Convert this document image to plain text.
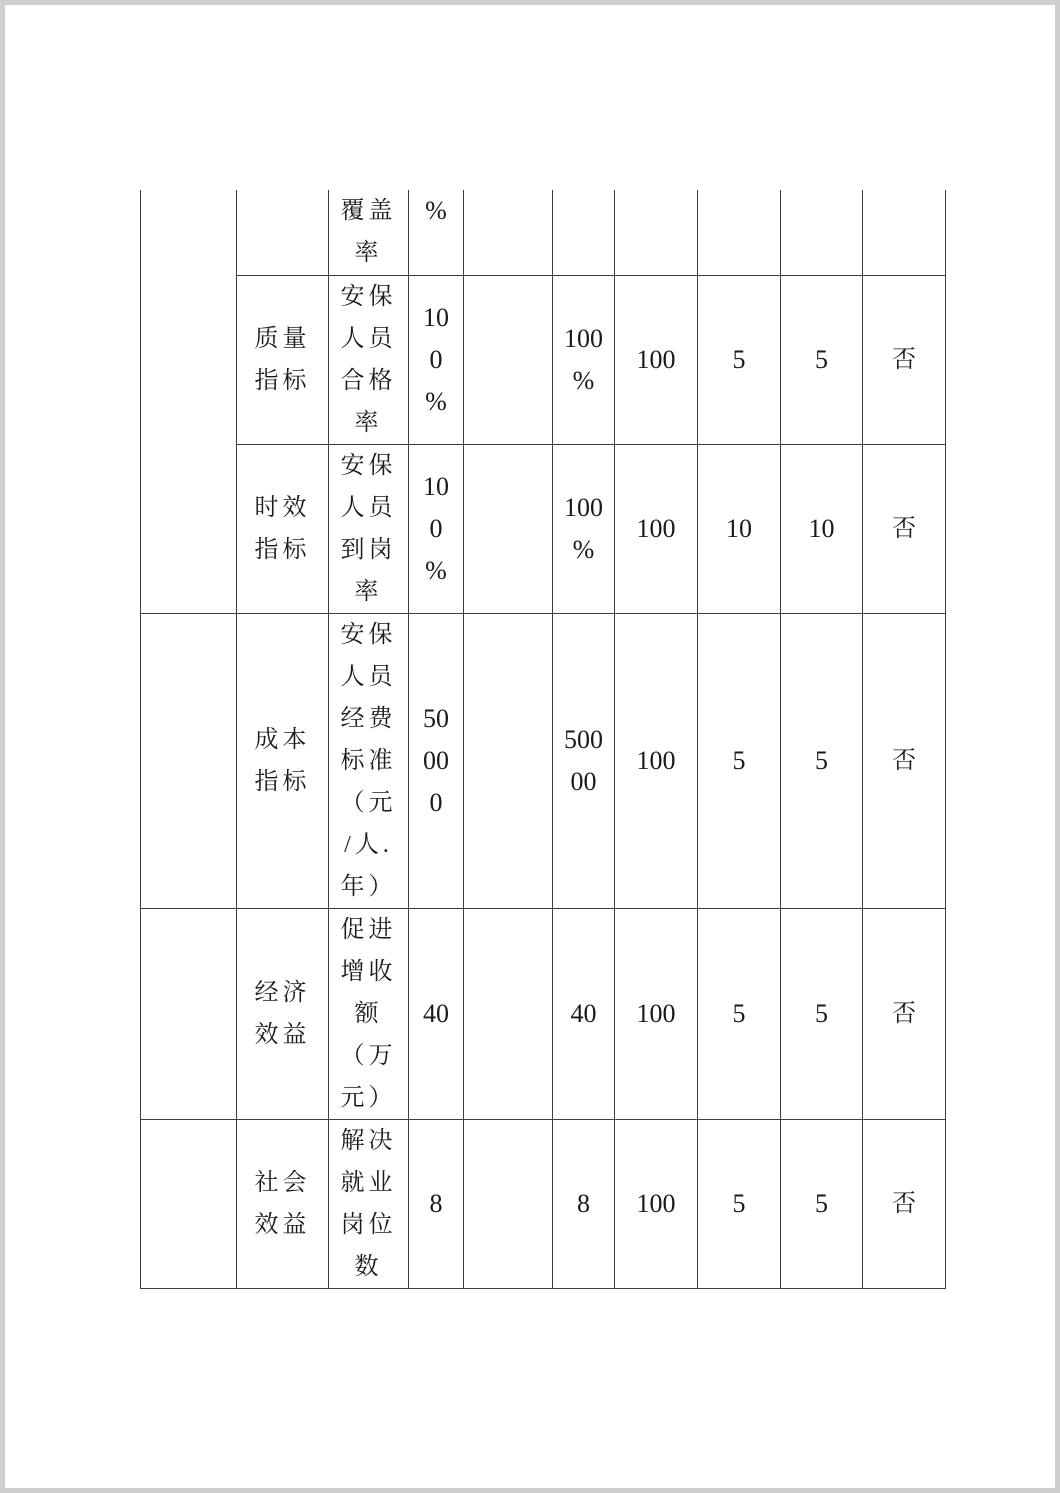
		覆盖率	%						

	质量指标	安保人员合格率	100%		100%	100	5	5	否

	时效指标	安保人员到岗率	100%		100%	100	10	10	否

	成本指标	安保人员经费标准（元/人.年）	50000		50000	100	5	5	否

	经济效益	促进增收额（万元）	40		40	100	5	5	否

	社会效益	解决就业岗位数	8		8	100	5	5	否
